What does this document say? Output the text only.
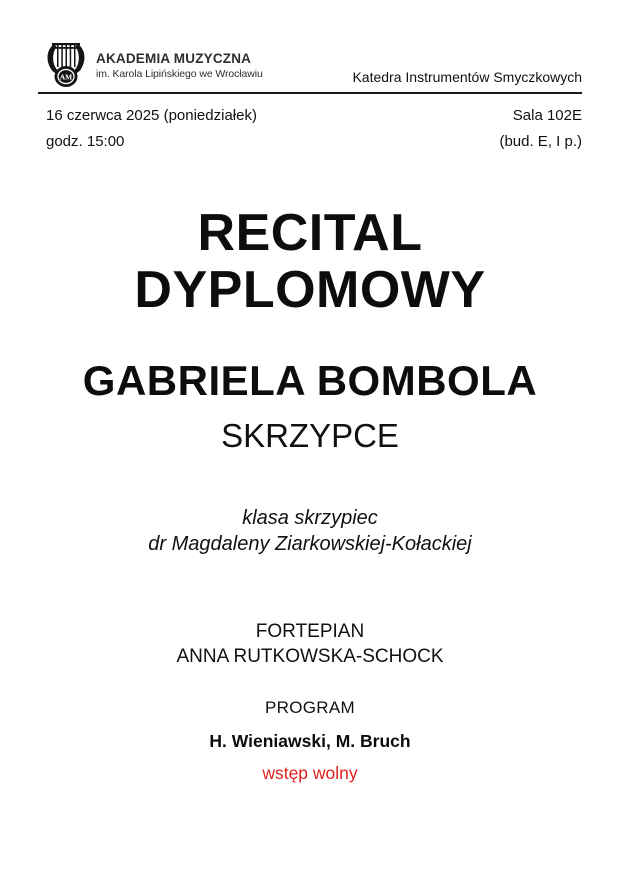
AM
AKADEMIA MUZYCZNA
im. Karola Lipińskiego we Wrocławiu	Katedra Instrumentów Smyczkowych
16 czerwca 2025 (poniedziałek)
godz. 15:00
Sala 102E
(bud. E, I p.)
RECITAL
DYPLOMOWY
GABRIELA BOMBOLA
SKRZYPCE
klasa skrzypiec
dr Magdaleny Ziarkowskiej-Kołackiej
FORTEPIAN
ANNA RUTKOWSKA-SCHOCK
PROGRAM
H. Wieniawski, M. Bruch
wstęp wolny
